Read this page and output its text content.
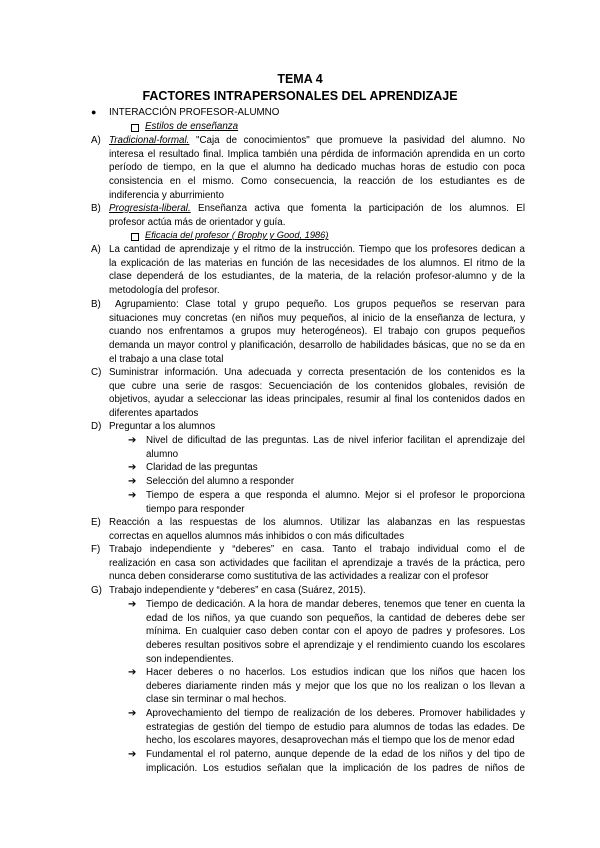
TEMA 4
FACTORES INTRAPERSONALES DEL APRENDIZAJE
● INTERACCIÓN PROFESOR-ALUMNO
Estilos de enseñanza
A) Tradicional-formal. "Caja de conocimientos" que promueve la pasividad del alumno. No
interesa el resultado final. Implica también una pérdida de información aprendida en un corto
período de tiempo, en la que el alumno ha dedicado muchas horas de estudio con poca
consistencia en el mismo. Como consecuencia, la reacción de los estudiantes es de
indiferencia y aburrimiento
B) Progresista-liberal. Enseñanza activa que fomenta la participación de los alumnos. El
profesor actúa más de orientador y guía.
Eficacia del profesor ( Brophy y Good, 1986)
A) La cantidad de aprendizaje y el ritmo de la instrucción. Tiempo que los profesores dedican a
la explicación de las materias en función de las necesidades de los alumnos. El ritmo de la
clase dependerá de los estudiantes, de la materia, de la relación profesor-alumno y de la
metodología del profesor.
B)	Agrupamiento: Clase total y grupo pequeño. Los grupos pequeños se reservan para
situaciones muy concretas (en niños muy pequeños, al inicio de la enseñanza de lectura, y
cuando nos enfrentamos a grupos muy heterogéneos). El trabajo con grupos pequeños
demanda un mayor control y planificación, desarrollo de habilidades básicas, que no se da en
el trabajo a una clase total
C) Suministrar información. Una adecuada y correcta presentación de los contenidos es la
que cubre una serie de rasgos: Secuenciación de los contenidos globales, revisión de
objetivos, ayudar a seleccionar las ideas principales, resumir al final los contenidos dados en
diferentes apartados
D) Preguntar a los alumnos
➔ Nivel de dificultad de las preguntas. Las de nivel inferior facilitan el aprendizaje del
alumno
➔ Claridad de las preguntas
➔ Selección del alumno a responder
➔ Tiempo de espera a que responda el alumno. Mejor si el profesor le proporciona
tiempo para responder
E) Reacción a las respuestas de los alumnos. Utilizar las alabanzas en las respuestas
correctas en aquellos alumnos más inhibidos o con más dificultades
F) Trabajo independiente y “deberes” en casa. Tanto el trabajo individual como el de
realización en casa son actividades que facilitan el aprendizaje a través de la práctica, pero
nunca deben considerarse como sustitutiva de las actividades a realizar con el profesor
G) Trabajo independiente y “deberes” en casa (Suárez, 2015).
➔ Tiempo de dedicación. A la hora de mandar deberes, tenemos que tener en cuenta la
edad de los niños, ya que cuando son pequeños, la cantidad de deberes debe ser
mínima. En cualquier caso deben contar con el apoyo de padres y profesores. Los
deberes resultan positivos sobre el aprendizaje y el rendimiento cuando los escolares
son independientes.
➔ Hacer deberes o no hacerlos. Los estudios indican que los niños que hacen los
deberes diariamente rinden más y mejor que los que no los realizan o los llevan a
clase sin terminar o mal hechos.
➔ Aprovechamiento del tiempo de realización de los deberes. Promover habilidades y
estrategias de gestión del tiempo de estudio para alumnos de todas las edades. De
hecho, los escolares mayores, desaprovechan más el tiempo que los de menor edad
➔ Fundamental el rol paterno, aunque depende de la edad de los niños y del tipo de
implicación. Los estudios señalan que la implicación de los padres de niños de
